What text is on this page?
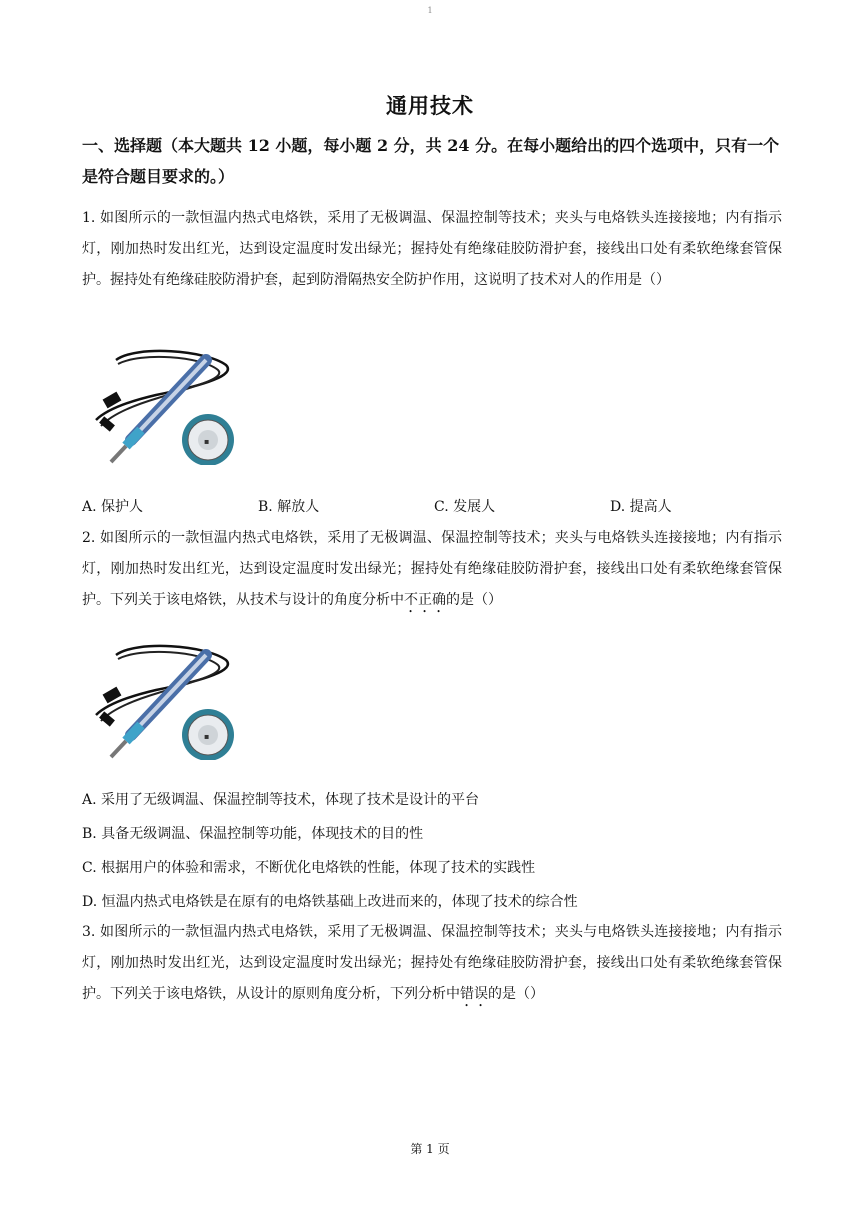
1
通用技术
一、选择题（本大题共 12 小题，每小题 2 分，共 24 分。在每小题给出的四个选项中，只有一个是符合题目要求的。）
1. 如图所示的一款恒温内热式电烙铁，采用了无极调温、保温控制等技术；夹头与电烙铁头连接接地；内有指示灯，刚加热时发出红光，达到设定温度时发出绿光；握持处有绝缘硅胶防滑护套，接线出口处有柔软绝缘套管保护。握持处有绝缘硅胶防滑护套，起到防滑隔热安全防护作用，这说明了技术对人的作用是（）
▪
A. 保护人	B. 解放人	C. 发展人	D. 提高人
2. 如图所示的一款恒温内热式电烙铁，采用了无极调温、保温控制等技术；夹头与电烙铁头连接接地；内有指示灯，刚加热时发出红光，达到设定温度时发出绿光；握持处有绝缘硅胶防滑护套，接线出口处有柔软绝缘套管保护。下列关于该电烙铁，从技术与设计的角度分析中不正确的是（）
▪
A. 采用了无级调温、保温控制等技术，体现了技术是设计的平台
B. 具备无级调温、保温控制等功能，体现技术的目的性
C. 根据用户的体验和需求，不断优化电烙铁的性能，体现了技术的实践性
D. 恒温内热式电烙铁是在原有的电烙铁基础上改进而来的，体现了技术的综合性
3. 如图所示的一款恒温内热式电烙铁，采用了无极调温、保温控制等技术；夹头与电烙铁头连接接地；内有指示灯，刚加热时发出红光，达到设定温度时发出绿光；握持处有绝缘硅胶防滑护套，接线出口处有柔软绝缘套管保护。下列关于该电烙铁，从设计的原则角度分析，下列分析中错误的是（）
第 1 页
